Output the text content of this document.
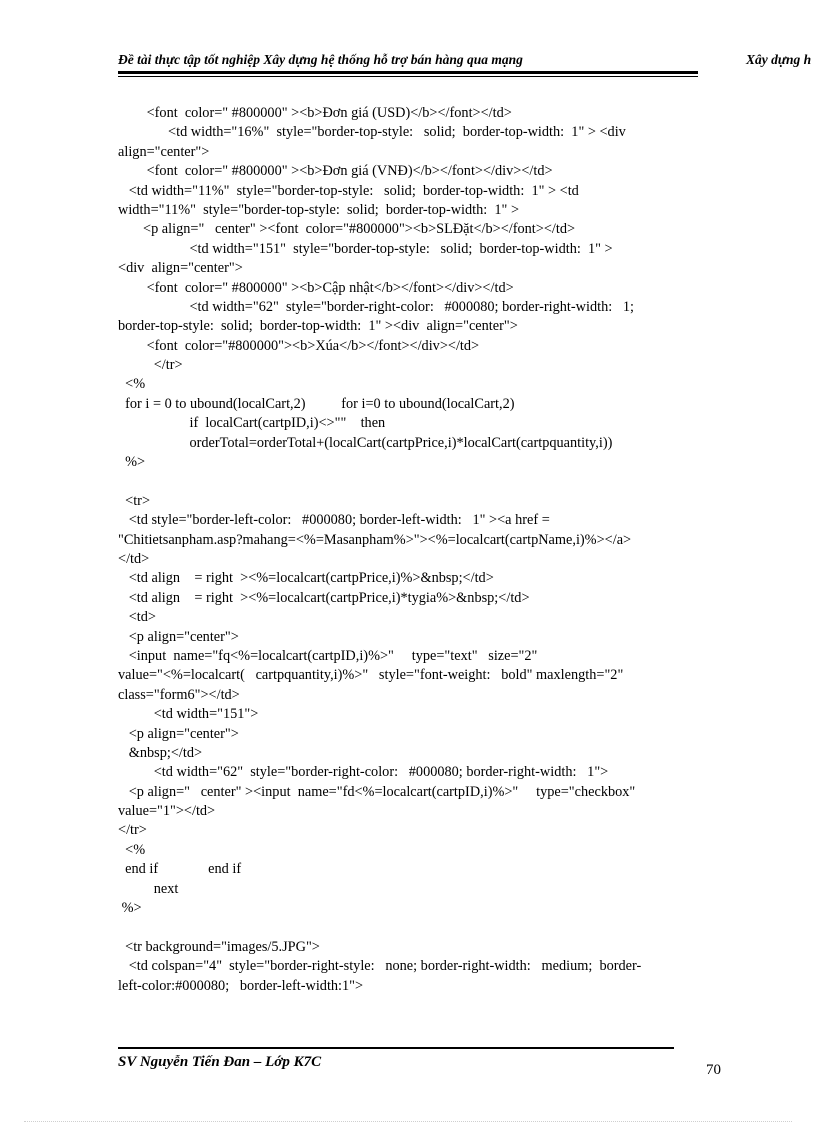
Đề tài thực tập tốt nghiệp Xây dựng hệ thống hỗ trợ bán hàng qua mạng	Xây dựng h
<font  color=" #800000" ><b>Đơn giá (USD)</b></font></td>
<td width="16%"  style="border-top-style:   solid;  border-top-width:  1" > <div
align="center">
<font  color=" #800000" ><b>Đơn giá (VNĐ)</b></font></div></td>
<td width="11%"  style="border-top-style:   solid;  border-top-width:  1" > <td
width="11%"  style="border-top-style:  solid;  border-top-width:  1" >
<p align="   center" ><font  color="#800000"><b>SLĐặt</b></font></td>
<td width="151"  style="border-top-style:   solid;  border-top-width:  1" >
<div  align="center">
<font  color=" #800000" ><b>Cập nhật</b></font></div></td>
<td width="62"  style="border-right-color:   #000080; border-right-width:   1;
border-top-style:  solid;  border-top-width:  1" ><div  align="center">
<font  color="#800000"><b>Xúa</b></font></div></td>
</tr>
<%
for i = 0 to ubound(localCart,2)          for i=0 to ubound(localCart,2)
if  localCart(cartpID,i)<>""    then
orderTotal=orderTotal+(localCart(cartpPrice,i)*localCart(cartpquantity,i))
%>
<tr>
<td style="border-left-color:   #000080; border-left-width:   1" ><a href =
"Chitietsanpham.asp?mahang=<%=Masanpham%>"><%=localcart(cartpName,i)%></a>
</td>
<td align    = right  ><%=localcart(cartpPrice,i)%>&nbsp;</td>
<td align    = right  ><%=localcart(cartpPrice,i)*tygia%>&nbsp;</td>
<td>
<p align="center">
<input  name="fq<%=localcart(cartpID,i)%>"     type="text"   size="2"
value="<%=localcart(   cartpquantity,i)%>"   style="font-weight:   bold" maxlength="2"
class="form6"></td>
<td width="151">
<p align="center">
&nbsp;</td>
<td width="62"  style="border-right-color:   #000080; border-right-width:   1">
<p align="   center" ><input  name="fd<%=localcart(cartpID,i)%>"     type="checkbox"
value="1"></td>
</tr>
<%
end if              end if
next
%>
<tr background="images/5.JPG">
<td colspan="4"  style="border-right-style:   none; border-right-width:   medium;  border-
left-color:#000080;   border-left-width:1">
SV Nguyễn Tiến Đan – Lớp K7C	70
